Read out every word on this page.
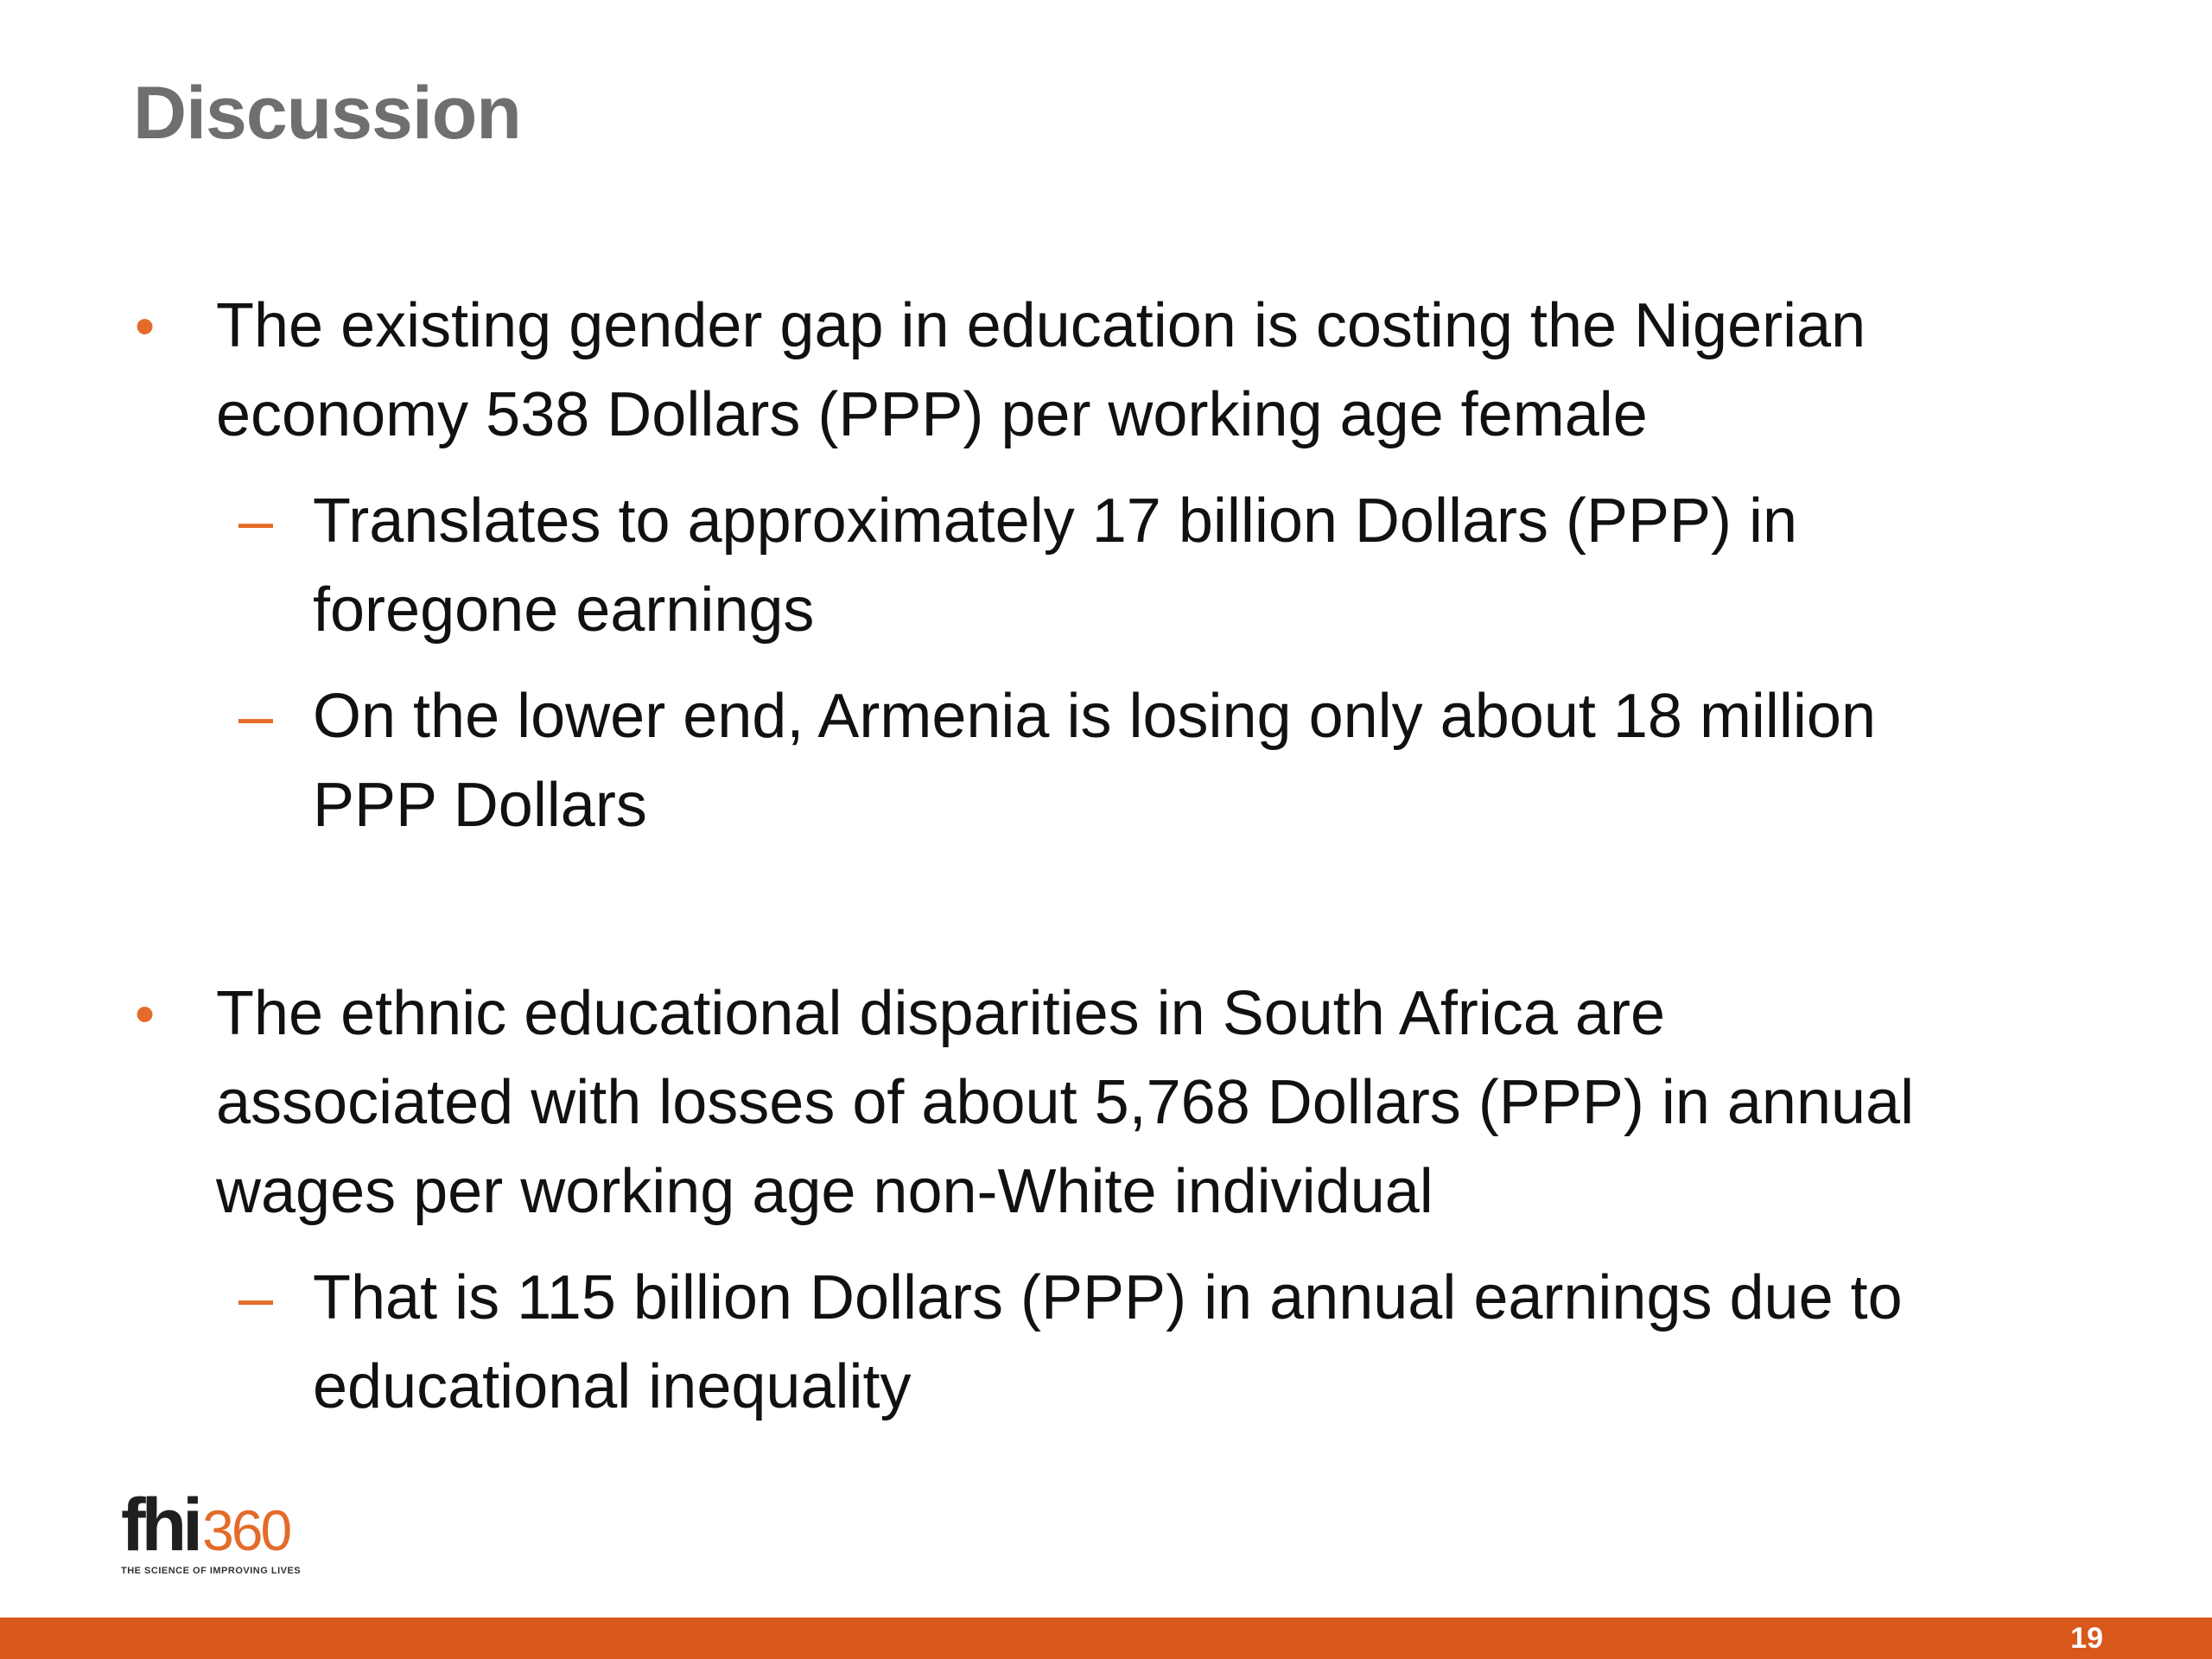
Discussion
• The existing gender gap in education is costing the Nigerian
economy 538 Dollars (PPP) per working age female
– Translates to approximately 17 billion Dollars (PPP) in
foregone earnings
– On the lower end, Armenia is losing only about 18 million
PPP Dollars
• The ethnic educational disparities in South Africa are
associated with losses of about 5,768 Dollars (PPP) in annual
wages per working age non-White individual
– That is 115 billion Dollars (PPP) in annual earnings due to
educational inequality
fhi 360
THE SCIENCE OF IMPROVING LIVES
19
